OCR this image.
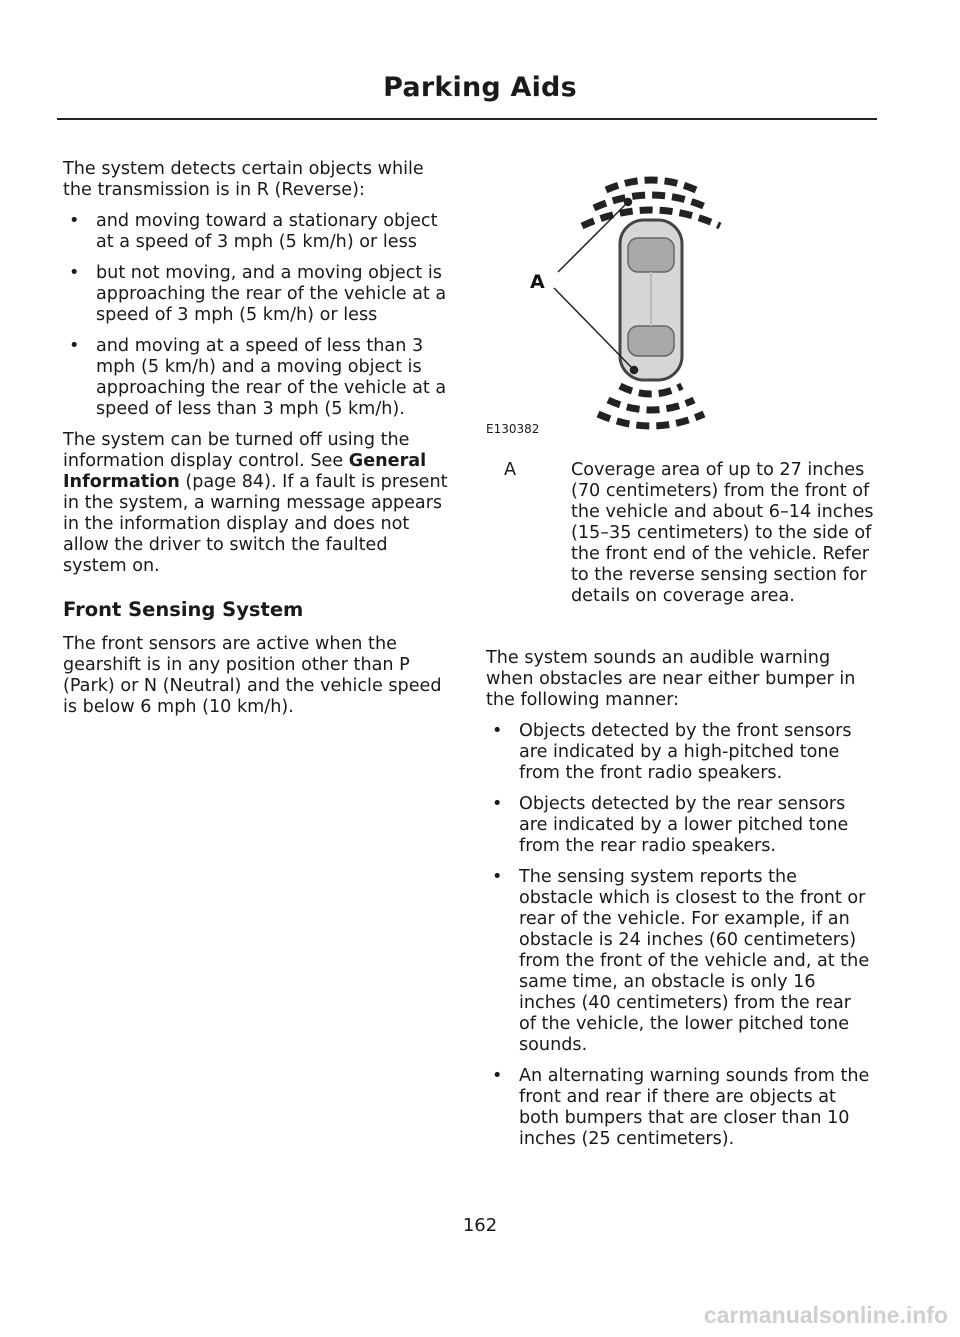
Parking Aids

The system detects certain objects while the transmission is in R (Reverse):

• and moving toward a stationary object at a speed of 3 mph (5 km/h) or less
• but not moving, and a moving object is approaching the rear of the vehicle at a speed of 3 mph (5 km/h) or less
• and moving at a speed of less than 3 mph (5 km/h) and a moving object is approaching the rear of the vehicle at a speed of less than 3 mph (5 km/h).

The system can be turned off using the information display control. See General Information (page 84). If a fault is present in the system, a warning message appears in the information display and does not allow the driver to switch the faulted system on.

Front Sensing System

The front sensors are active when the gearshift is in any position other than P (Park) or N (Neutral) and the vehicle speed is below 6 mph (10 km/h).

A
E130382
A	Coverage area of up to 27 inches (70 centimeters) from the front of the vehicle and about 6–14 inches (15–35 centimeters) to the side of the front end of the vehicle. Refer to the reverse sensing section for details on coverage area.

The system sounds an audible warning when obstacles are near either bumper in the following manner:

• Objects detected by the front sensors are indicated by a high-pitched tone from the front radio speakers.
• Objects detected by the rear sensors are indicated by a lower pitched tone from the rear radio speakers.
• The sensing system reports the obstacle which is closest to the front or rear of the vehicle. For example, if an obstacle is 24 inches (60 centimeters) from the front of the vehicle and, at the same time, an obstacle is only 16 inches (40 centimeters) from the rear of the vehicle, the lower pitched tone sounds.
• An alternating warning sounds from the front and rear if there are objects at both bumpers that are closer than 10 inches (25 centimeters).
162
carmanualsonline.info
